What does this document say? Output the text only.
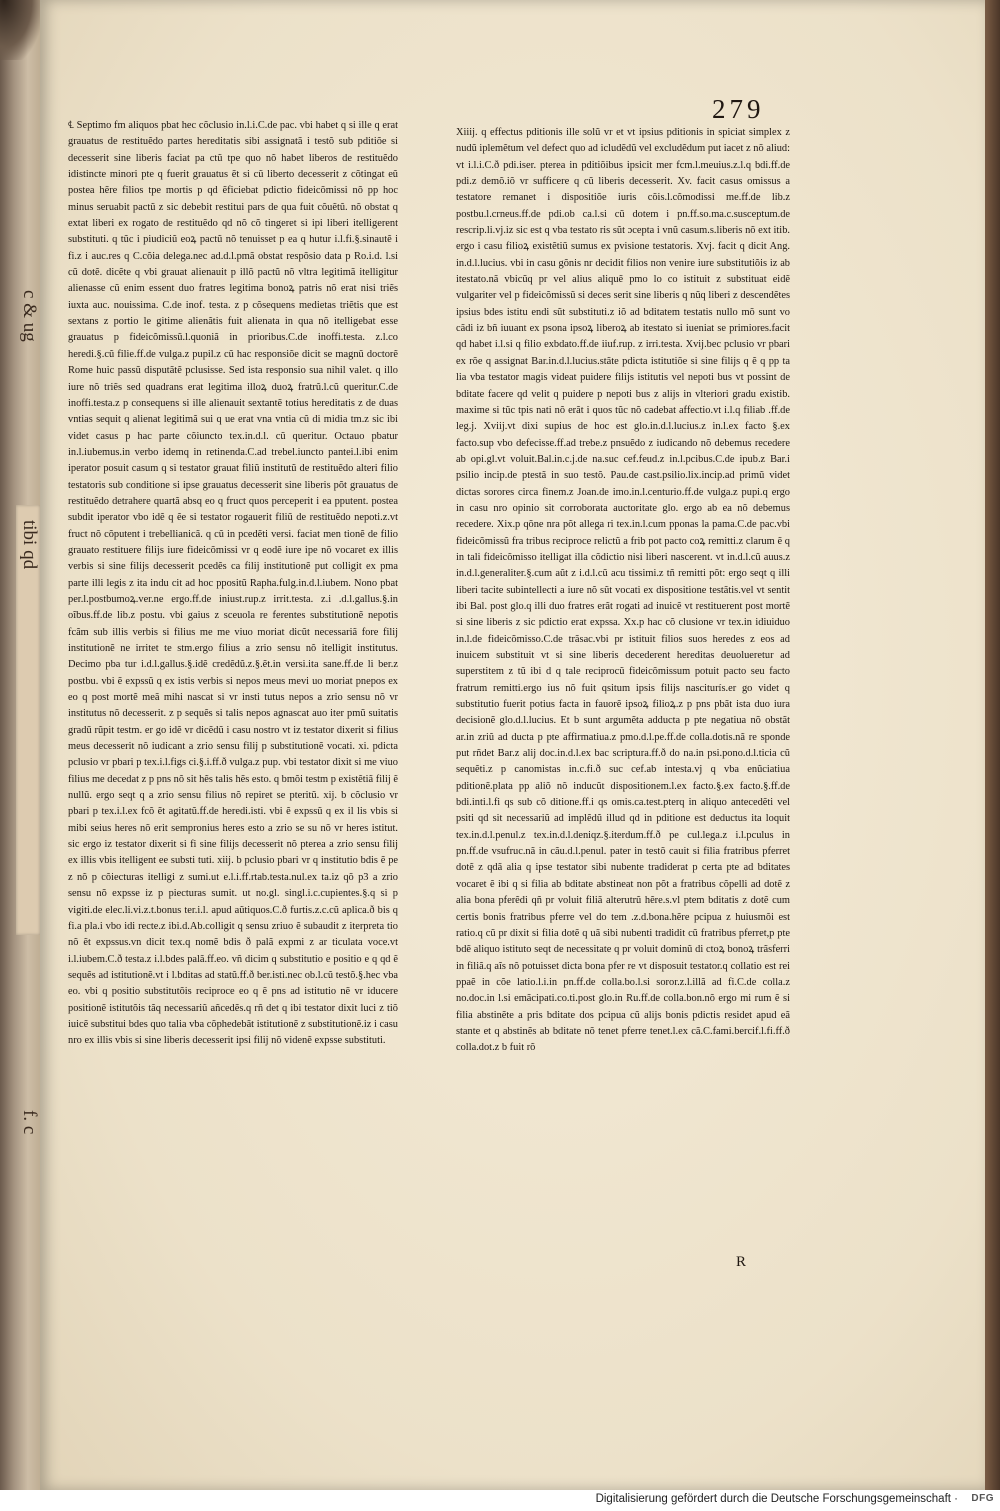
c & ug
tibi qd
f. c
279

℄ Septimo fm aliquos pbat hec cõclusio in.l.i.C.de pac. vbi habet q si ille q erat grauatus de restituẽdo partes hereditatis sibi assignatã i testõ sub pditiõe si decesserit sine liberis faciat pa ctũ tpe quo nõ habet liberos de restituẽdo idistincte minori pte q fuerit grauatus ẽt si cũ liberto decesserit z cõtingat eũ postea hẽre filios tpe mortis p qd ẽficiebat pdictio fideicõmissi nõ pp hoc minus seruabit pactũ z sic debebit restitui pars de qua fuit cõuẽtũ. nõ obstat q extat liberi ex rogato de restituẽdo qd nõ cõ tingeret si ipi liberi itelligerent substituti. q tũc i piudiciũ eoꝝ pactũ nõ tenuisset p ea q hutur i.l.fi.§.sinautẽ i fi.z i auc.res q C.cõia delega.nec ad.d.l.pmã obstat respõsio data p Ro.i.d. l.si cũ dotẽ. dicẽte q vbi grauat alienauit p illõ pactũ nõ vltra legitimã itelligitur alienasse cũ enim essent duo fratres legitima bonoꝝ patris nõ erat nisi triẽs iuxta auc. nouissima. C.de inof. testa. z p cõsequens medietas triẽtis que est sextans z portio le gitime alienãtis fuit alienata in qua nõ itelligebat esse grauatus p fideicõmissũ.l.quoniã in prioribus.C.de inoffi.testa. z.l.co heredi.§.cũ filie.ff.de vulga.z pupil.z cũ hac responsiõe dicit se magnũ doctorẽ Rome huic passũ disputãtẽ pclusisse. Sed ista responsio sua nihil valet. q illo iure nõ triẽs sed quadrans erat legitima illoꝝ duoꝝ fratrũ.l.cũ queritur.C.de inoffi.testa.z p consequens si ille alienauit sextantẽ totius hereditatis z de duas vntias sequit q alienat legitimã sui q ue erat vna vntia cũ di midia tm.z sic ibi videt casus p hac parte cõiuncto tex.in.d.l. cũ queritur. Octauo pbatur in.l.iubemus.in verbo idemq in retinenda.C.ad trebel.iuncto pantei.l.ibi enim iperator posuit casum q si testator grauat filiũ institutũ de restituẽdo alteri filio testatoris sub conditione si ipse grauatus decesserit sine liberis põt grauatus de restituẽdo detrahere quartã absq eo q fruct quos perceperit i ea pputent. postea subdit iperator vbo idẽ q ẽe si testator rogauerit filiũ de restituẽdo nepoti.z.vt fruct nõ cõputent i trebellianicã. q cũ in pcedẽti versi. faciat men tionẽ de filio grauato restituere filijs iure fideicõmissi vr q eodẽ iure ipe nõ vocaret ex illis verbis si sine filijs decesserit pcedẽs ca filij institutionẽ put colligit ex pma parte illi legis z ita indu cit ad hoc ppositũ Rapha.fulg.in.d.l.iubem. Nono pbat per.l.postbumoꝝ.ver.ne ergo.ff.de iniust.rup.z irrit.testa. z.i .d.l.gallus.§.in oĩbus.ff.de lib.z postu. vbi gaius z sceuola re ferentes substitutionẽ nepotis fcãm sub illis verbis si filius me me viuo moriat dicũt necessariã fore filij institutionẽ ne irritet te stm.ergo filius a zrio sensu nõ itelligit institutus. Decimo pba tur i.d.l.gallus.§.idẽ credẽdũ.z.§.ẽt.in versi.ita sane.ff.de li ber.z postbu. vbi ẽ expssũ q ex istis verbis si nepos meus mevi uo moriat pnepos ex eo q post mortẽ meã mihi nascat si vr insti tutus nepos a zrio sensu nõ vr institutus nõ decesserit. z p sequẽs si talis nepos agnascat auo iter pmũ suitatis gradũ rũpit testm. er go idẽ vr dicẽdũ i casu nostro vt iz testator dixerit si filius meus decesserit nõ iudicant a zrio sensu filij p substitutionẽ vocati. xi. pdicta pclusio vr pbari p tex.i.l.figs ci.§.i.ff.ð vulga.z pup. vbi testator dixit si me viuo filius me decedat z p pns nõ sit hẽs talis hẽs esto. q bmõi testm p existẽtiã filij ẽ nullũ. ergo seqt q a zrio sensu filius nõ repiret se pteritũ. xij. b cõclusio vr pbari p tex.i.l.ex fcõ ẽt agitatũ.ff.de heredi.isti. vbi ẽ expssũ q ex il lis vbis si mibi seius heres nõ erit sempronius heres esto a zrio se su nõ vr heres istitut. sic ergo iz testator dixerit si fi sine filijs decesserit nõ pterea a zrio sensu filij ex illis vbis itelligent ee substi tuti. xiij. b pclusio pbari vr q institutio bdis ẽ pe z nõ p cõiecturas itelligi z sumi.ut e.l.i.ff.rtab.testa.nul.ex ta.iz qõ p3 a zrio sensu nõ expsse iz p piecturas sumit. ut no.gl. singl.i.c.cupientes.§.q si p vigiti.de elec.li.vi.z.t.bonus ter.i.l. apud aũtiquos.C.ð furtis.z.c.cũ aplica.ð bis q fi.a pla.i vbo idi recte.z ibi.d.Ab.colligit q sensu zriuo ẽ subaudit z iterpreta tio nõ ẽt expssus.vn dicit tex.q nomẽ bdis ð palã expmi z ar ticulata voce.vt i.l.iubem.C.ð testa.z i.l.bdes palã.ff.eo. vñ dicim q substitutio e positio e q qd ẽ sequẽs ad istitutionẽ.vt i l.bditas ad statũ.ff.ð ber.isti.nec ob.l.cũ testõ.§.hec vba eo. vbi q positio substitutõis reciproce eo q ẽ pns ad istitutio nẽ vr iducere positionẽ istitutõis tãq necessariũ añcedẽs.q rñ det q ibi testator dixit luci z tiõ iuicẽ substitui bdes quo talia vba cõphedebãt istitutionẽ z substitutionẽ.iz i casu nro ex illis vbis si sine liberis decesserit ipsi filij nõ videnẽ expsse substituti.

Xiiij. q effectus pditionis ille solũ vr et vt ipsius pditionis in spiciat simplex z nudũ iplemẽtum vel defect quo ad icludẽdũ vel excludẽdum put iacet z nõ aliud: vt i.l.i.C.ð pdi.iser. pterea in pditiõibus ipsicit mer fcm.l.meuius.z.l.q bdi.ff.de pdi.z demõ.iõ vr sufficere q cũ liberis decesserit. Xv. facit casus omissus a testatore remanet i dispositiõe iuris cõis.l.cõmodissi me.ff.de lib.z postbu.l.crneus.ff.de pdi.ob ca.l.si cũ dotem i pn.ff.so.ma.c.susceptum.de rescrip.li.vj.iz sic est q vba testato ris sũt ɔcepta i vnũ casum.s.liberis nõ ext itib. ergo i casu filioꝝ existẽtiũ sumus ex pvisione testatoris. Xvj. facit q dicit Ang. in.d.l.lucius. vbi in casu gõnis nr decidit filios non venire iure substitutiõis iz ab itestato.nã vbicũq pr vel alius aliquẽ pmo lo co istituit z substituat eidẽ vulgariter vel p fideicõmissũ si deces serit sine liberis q nũq liberi z descendẽtes ipsius bdes istitu endi sũt substituti.z iõ ad bditatem testatis nullo mõ sunt vo cãdi iz bñ iuuant ex psona ipsoꝝ liberoꝝ ab itestato si iueniat se primiores.facit qd habet i.l.si q filio exbdato.ff.de iiuf.rup. z irri.testa. Xvij.bec pclusio vr pbari ex rõe q assignat Bar.in.d.l.lucius.stãte pdicta istitutiõe si sine filijs q ẽ q pp ta lia vba testator magis videat puidere filijs istitutis vel nepoti bus vt possint de bditate facere qd velit q puidere p nepoti bus z alijs in vlteriori gradu existib. maxime si tũc tpis nati nõ erãt i quos tũc nõ cadebat affectio.vt i.l.q filiab .ff.de leg.j. Xviij.vt dixi supius de hoc est glo.in.d.l.lucius.z in.l.ex facto §.ex facto.sup vbo defecisse.ff.ad trebe.z pnsuẽdo z iudicando nõ debemus recedere ab opi.gl.vt voluit.Bal.in.c.j.de na.suc cef.feud.z in.l.pcibus.C.de ipub.z Bar.i psilio incip.de ptestã in suo testõ. Pau.de cast.psilio.lix.incip.ad primũ videt dictas sorores circa finem.z Joan.de imo.in.l.centurio.ff.de vulga.z pupi.q ergo in casu nro opinio sit corroborata auctoritate glo. ergo ab ea nõ debemus recedere. Xix.p qõne nra põt allega ri tex.in.l.cum pponas la pama.C.de pac.vbi fideicõmissũ fra tribus reciproce relictũ a frib pot pacto coꝝ remitti.z clarum ẽ q in tali fideicõmisso itelligat illa cõdictio nisi liberi nascerent. vt in.d.l.cũ auus.z in.d.l.generaliter.§.cum aũt z i.d.l.cũ acu tissimi.z tñ remitti põt: ergo seqt q illi liberi tacite subintellecti a iure nõ sũt vocati ex dispositione testãtis.vel vt sentit ibi Bal. post glo.q illi duo fratres erãt rogati ad inuicẽ vt restituerent post mortẽ si sine liberis z sic pdictio erat expssa. Xx.p hac cõ clusione vr tex.in idiuiduo in.l.de fideicõmisso.C.de trãsac.vbi pr istituit filios suos heredes z eos ad inuicem substituit vt si sine liberis decederent hereditas deuolueretur ad superstitem z tũ ibi d q tale reciprocũ fideicõmissum potuit pacto seu facto fratrum remitti.ergo ius nõ fuit qsitum ipsis filijs nasciturís.er go videt q substitutio fuerit potius facta in fauorẽ ipsoꝝ filioꝝ.z p pns pbãt ista duo iura decisionẽ glo.d.l.lucius. Et b sunt argumẽta adducta p pte negatiua nõ obstãt ar.in zriũ ad ducta p pte affirmatiua.z pmo.d.l.pe.ff.de colla.dotis.nã re sponde put rñdet Bar.z alij doc.in.d.l.ex bac scriptura.ff.ð do na.in psi.pono.d.l.ticia cũ sequẽti.z p canomistas in.c.fi.ð suc cef.ab intesta.vj q vba enũciatiua pditionẽ.plata pp aliõ nõ inducũt dispositionem.l.ex facto.§.ex facto.§.ff.de bdi.inti.l.fi qs sub cõ ditione.ff.i qs omis.ca.test.pterq in aliquo antecedẽti vel psiti qd sit necessariũ ad implẽdũ illud qd in pditione est deductus ita loquit tex.in.d.l.penul.z tex.in.d.l.deniqz.§.iterdum.ff.ð pe cul.lega.z i.l.pculus in pn.ff.de vsufruc.nã in cãu.d.l.penul. pater in testõ cauit si filia fratribus pferret dotẽ z qdã alia q ipse testator sibi nubente tradiderat p certa pte ad bditates vocaret ẽ ibi q si filia ab bditate abstineat non põt a fratribus cõpelli ad dotẽ z alia bona pferẽdi qñ pr voluit filiã alterutrũ hẽre.s.vl ptem bditatis z dotẽ cum certis bonis fratribus pferre vel do tem .z.d.bona.hẽre pcipua z huiusmõi est ratio.q cũ pr dixit si filia dotẽ q uã sibi nubenti tradidit cũ fratribus pferret,p pte bdẽ aliquo istituto seqt de necessitate q pr voluit dominũ di ctoꝝ bonoꝝ trãsferri in filiã.q aĩs nõ potuisset dicta bona pfer re vt disposuit testator.q collatio est rei ppaẽ in cõe latio.l.i.in pn.ff.de colla.bo.l.si soror.z.l.illã ad fi.C.de colla.z no.doc.in l.si emãcipati.co.ti.post glo.in Ru.ff.de colla.bon.nõ ergo mi rum ẽ si filia abstinẽte a pris bditate dos pcipua cũ alijs bonis pdictis residet apud eã stante et q abstinẽs ab bditate nõ tenet pferre tenet.l.ex cã.C.fami.bercif.l.fi.ff.ð colla.dot.z b fuit rõ

R
Digitalisierung gefördert durch die Deutsche Forschungsgemeinschaft · DFG
